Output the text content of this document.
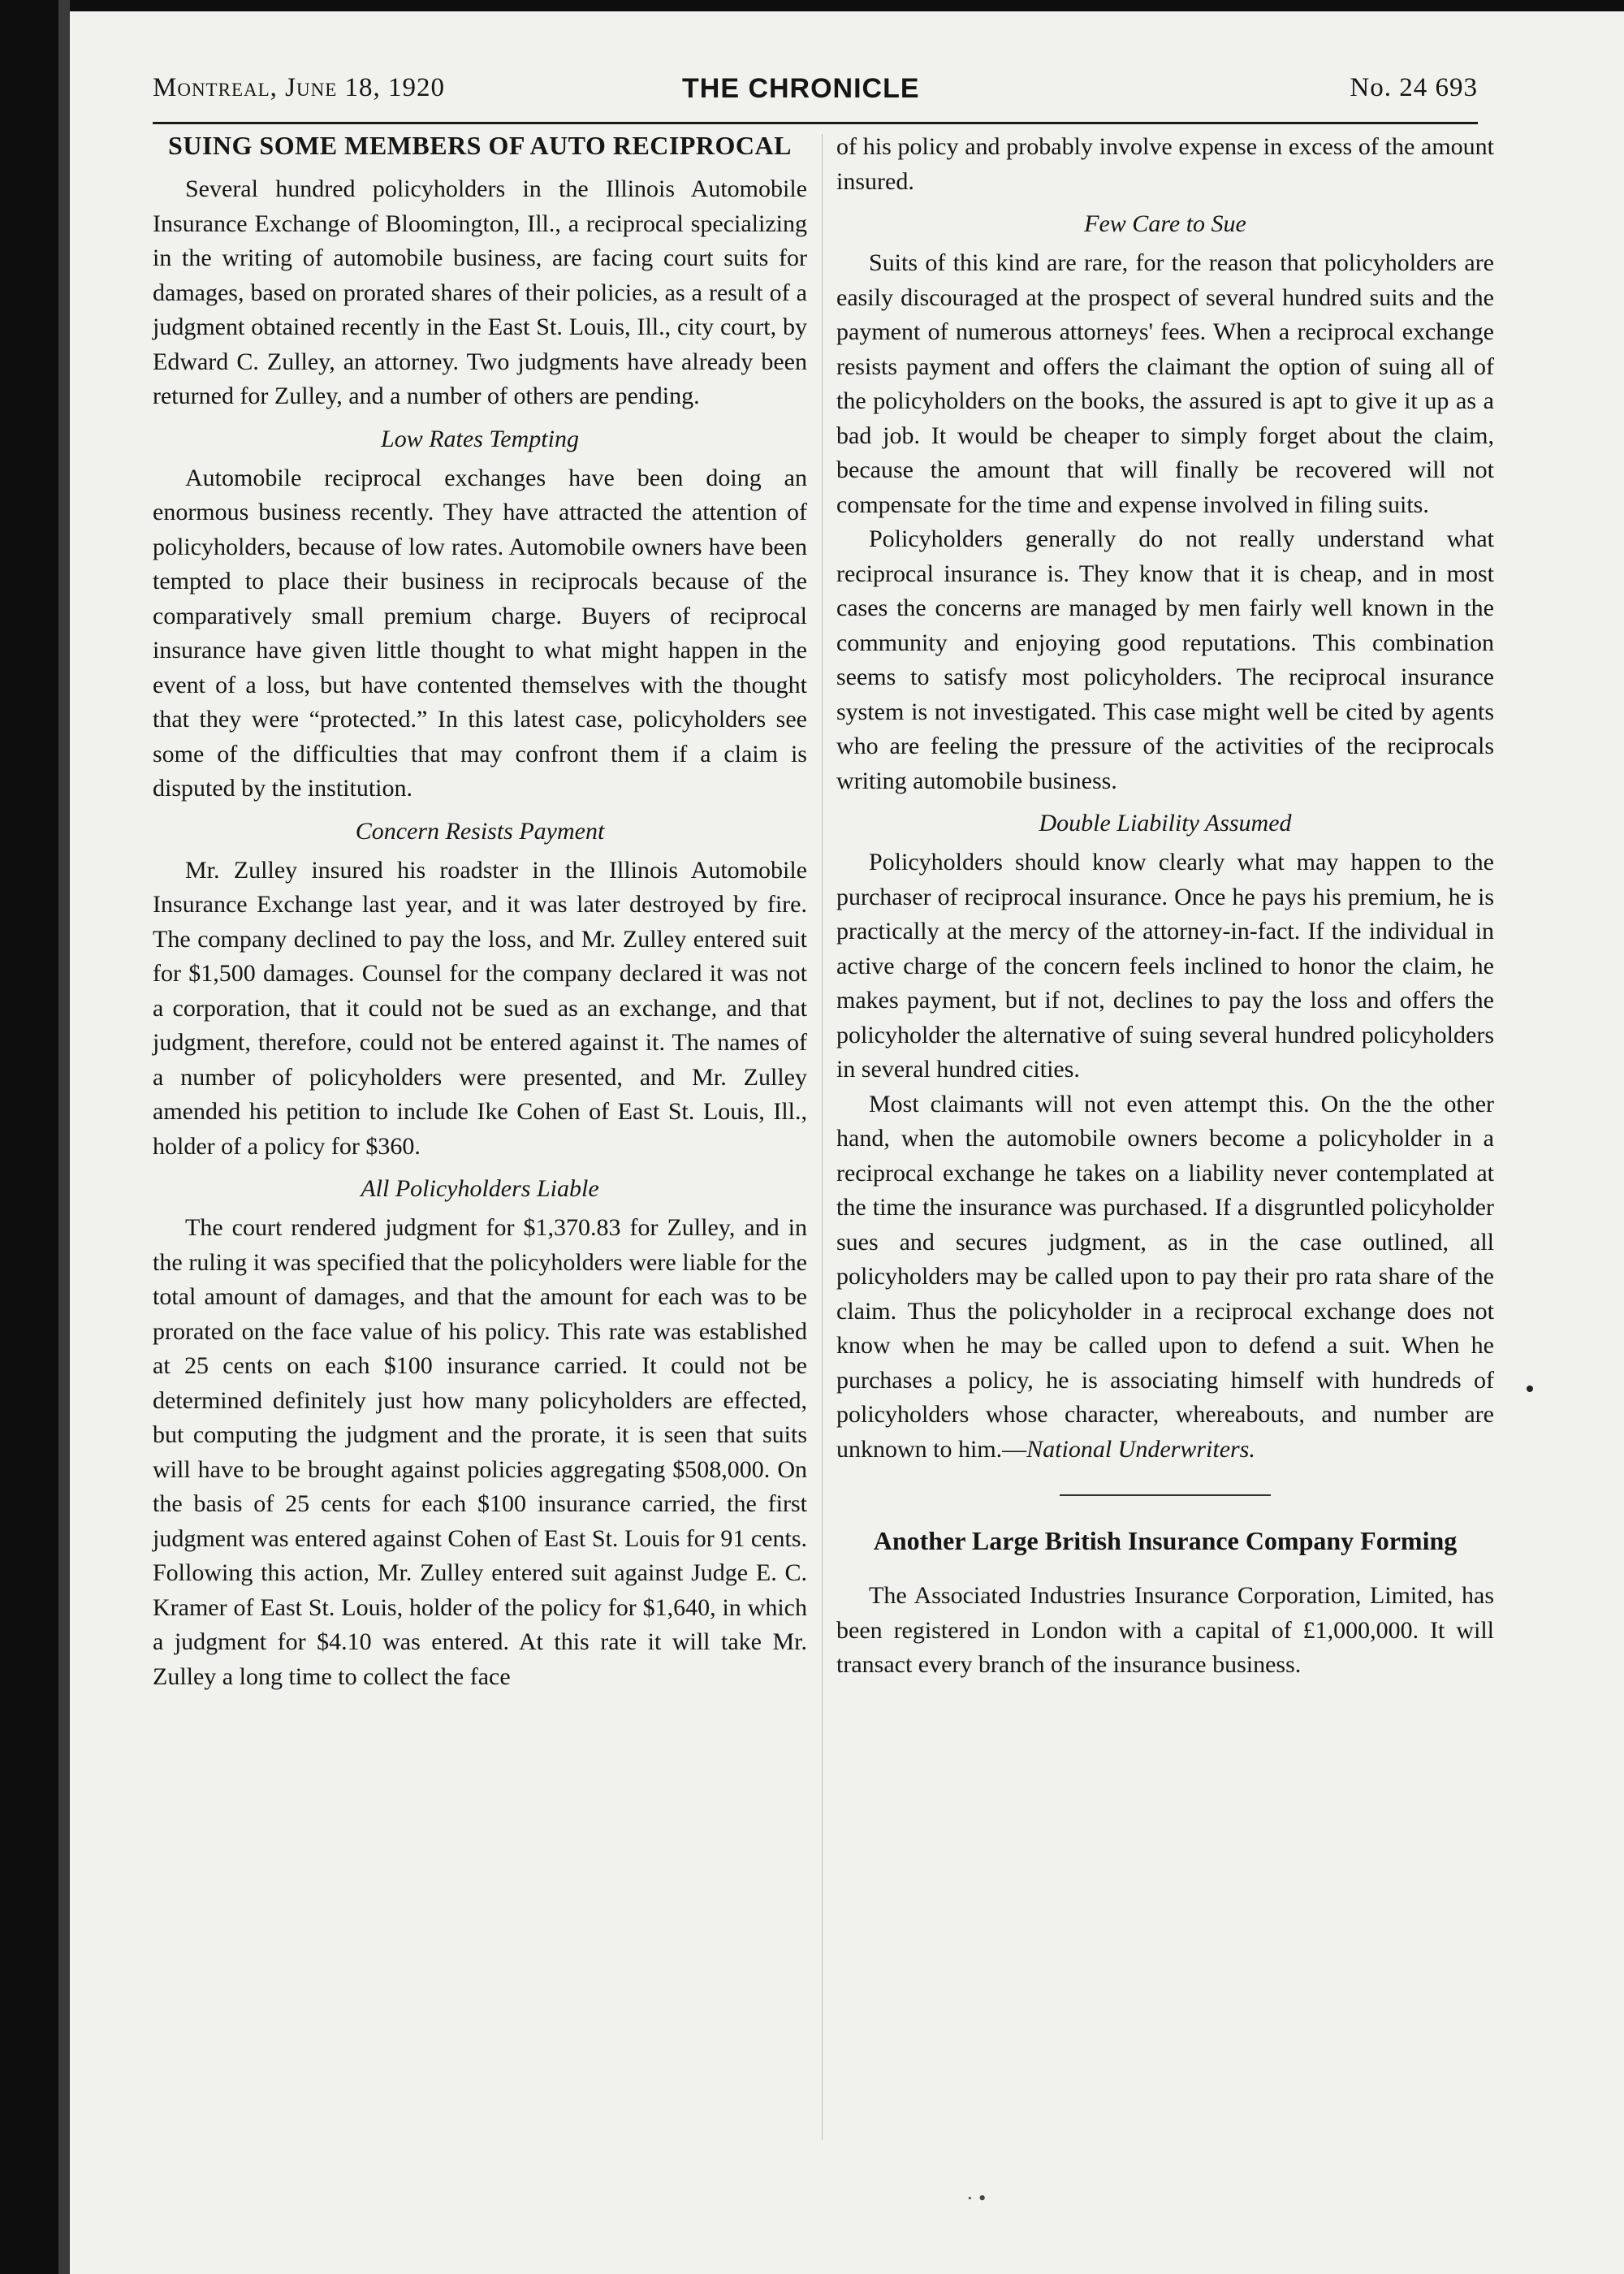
Montreal, June 18, 1920	THE CHRONICLE	No. 24 693
SUING SOME MEMBERS OF AUTO RECIPROCAL

Several hundred policyholders in the Illinois Automobile Insurance Exchange of Bloomington, Ill., a reciprocal specializing in the writing of automobile business, are facing court suits for damages, based on prorated shares of their policies, as a result of a judgment obtained recently in the East St. Louis, Ill., city court, by Edward C. Zulley, an attorney. Two judgments have already been returned for Zulley, and a number of others are pending.

Low Rates Tempting

Automobile reciprocal exchanges have been doing an enormous business recently. They have attracted the attention of policyholders, because of low rates. Automobile owners have been tempted to place their business in reciprocals because of the comparatively small premium charge. Buyers of reciprocal insurance have given little thought to what might happen in the event of a loss, but have contented themselves with the thought that they were “protected.” In this latest case, policyholders see some of the difficulties that may confront them if a claim is disputed by the institution.

Concern Resists Payment

Mr. Zulley insured his roadster in the Illinois Automobile Insurance Exchange last year, and it was later destroyed by fire. The company declined to pay the loss, and Mr. Zulley entered suit for $1,500 damages. Counsel for the company declared it was not a corporation, that it could not be sued as an exchange, and that judgment, therefore, could not be entered against it. The names of a number of policyholders were presented, and Mr. Zulley amended his petition to include Ike Cohen of East St. Louis, Ill., holder of a policy for $360.

All Policyholders Liable

The court rendered judgment for $1,370.83 for Zulley, and in the ruling it was specified that the policyholders were liable for the total amount of damages, and that the amount for each was to be prorated on the face value of his policy. This rate was established at 25 cents on each $100 insurance carried. It could not be determined definitely just how many policyholders are effected, but computing the judgment and the prorate, it is seen that suits will have to be brought against policies aggregating $508,000. On the basis of 25 cents for each $100 insurance carried, the first judgment was entered against Cohen of East St. Louis for 91 cents. Following this action, Mr. Zulley entered suit against Judge E. C. Kramer of East St. Louis, holder of the policy for $1,640, in which a judgment for $4.10 was entered. At this rate it will take Mr. Zulley a long time to collect the face

of his policy and probably involve expense in excess of the amount insured.

Few Care to Sue

Suits of this kind are rare, for the reason that policyholders are easily discouraged at the prospect of several hundred suits and the payment of numerous attorneys' fees. When a reciprocal exchange resists payment and offers the claimant the option of suing all of the policyholders on the books, the assured is apt to give it up as a bad job. It would be cheaper to simply forget about the claim, because the amount that will finally be recovered will not compensate for the time and expense involved in filing suits.

Policyholders generally do not really understand what reciprocal insurance is. They know that it is cheap, and in most cases the concerns are managed by men fairly well known in the community and enjoying good reputations. This combination seems to satisfy most policyholders. The reciprocal insurance system is not investigated. This case might well be cited by agents who are feeling the pressure of the activities of the reciprocals writing automobile business.

Double Liability Assumed

Policyholders should know clearly what may happen to the purchaser of reciprocal insurance. Once he pays his premium, he is practically at the mercy of the attorney-in-fact. If the individual in active charge of the concern feels inclined to honor the claim, he makes payment, but if not, declines to pay the loss and offers the policyholder the alternative of suing several hundred policyholders in several hundred cities.

Most claimants will not even attempt this. On the the other hand, when the automobile owners become a policyholder in a reciprocal exchange he takes on a liability never contemplated at the time the insurance was purchased. If a disgruntled policyholder sues and secures judgment, as in the case outlined, all policyholders may be called upon to pay their pro rata share of the claim. Thus the policyholder in a reciprocal exchange does not know when he may be called upon to defend a suit. When he purchases a policy, he is associating himself with hundreds of policyholders whose character, whereabouts, and number are unknown to him.—National Underwriters.

Another Large British Insurance Company Forming

The Associated Industries Insurance Corporation, Limited, has been registered in London with a capital of £1,000,000. It will transact every branch of the insurance business.

· •
